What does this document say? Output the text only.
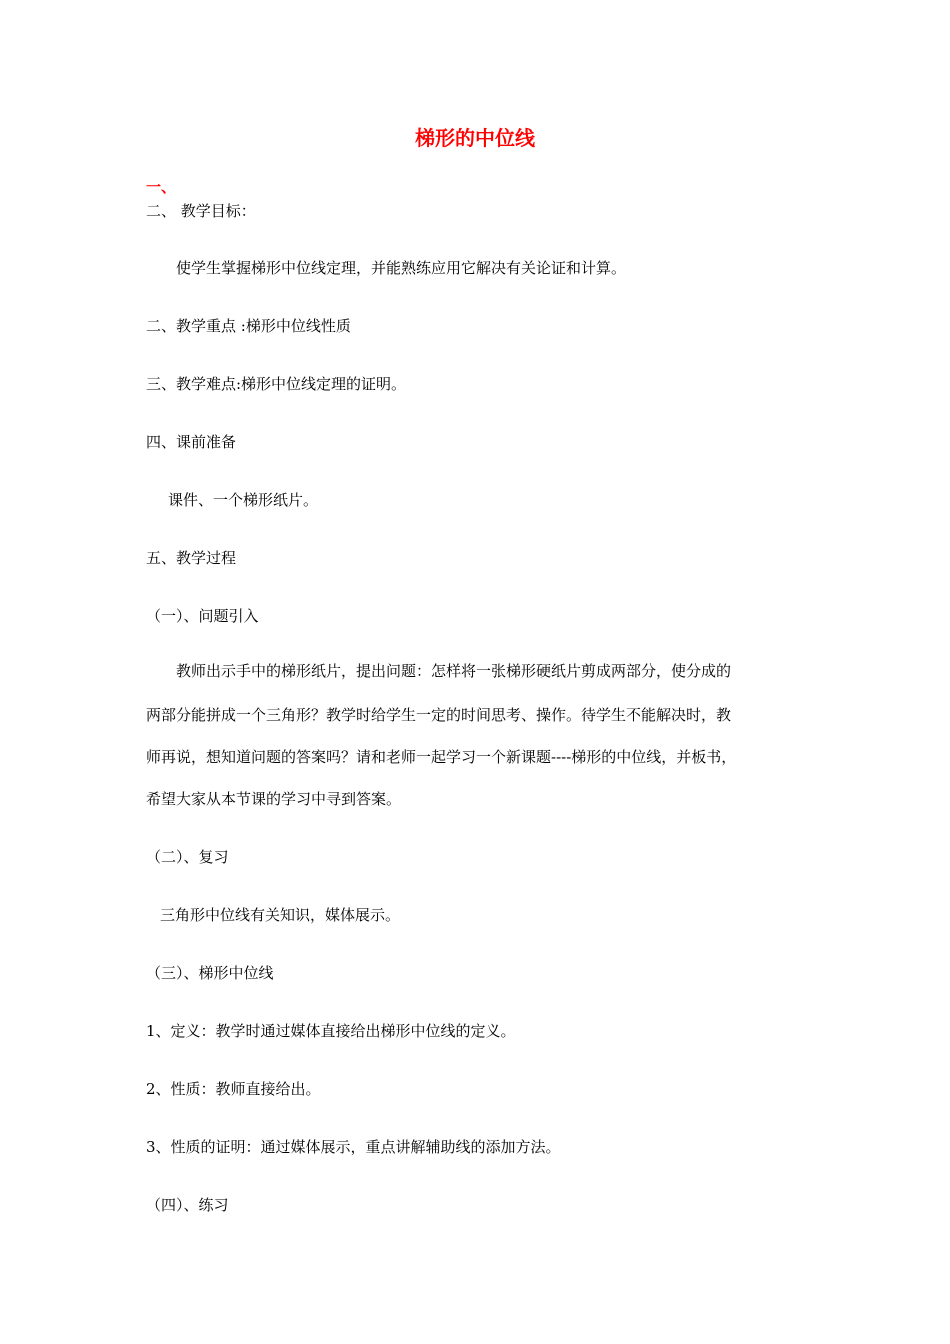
梯形的中位线
一、
二、 教学目标：
使学生掌握梯形中位线定理，并能熟练应用它解决有关论证和计算。
二、教学重点 :梯形中位线性质
三、教学难点:梯形中位线定理的证明。
四、课前准备
课件、一个梯形纸片。
五、教学过程
（一）、问题引入
教师出示手中的梯形纸片，提出问题：怎样将一张梯形硬纸片剪成两部分，使分成的
两部分能拼成一个三角形？教学时给学生一定的时间思考、操作。待学生不能解决时，教
师再说，想知道问题的答案吗？请和老师一起学习一个新课题----梯形的中位线，并板书，
希望大家从本节课的学习中寻到答案。
（二）、复习
三角形中位线有关知识，媒体展示。
（三）、梯形中位线
1、定义：教学时通过媒体直接给出梯形中位线的定义。
2、性质：教师直接给出。
3、性质的证明：通过媒体展示，重点讲解辅助线的添加方法。
（四）、练习
